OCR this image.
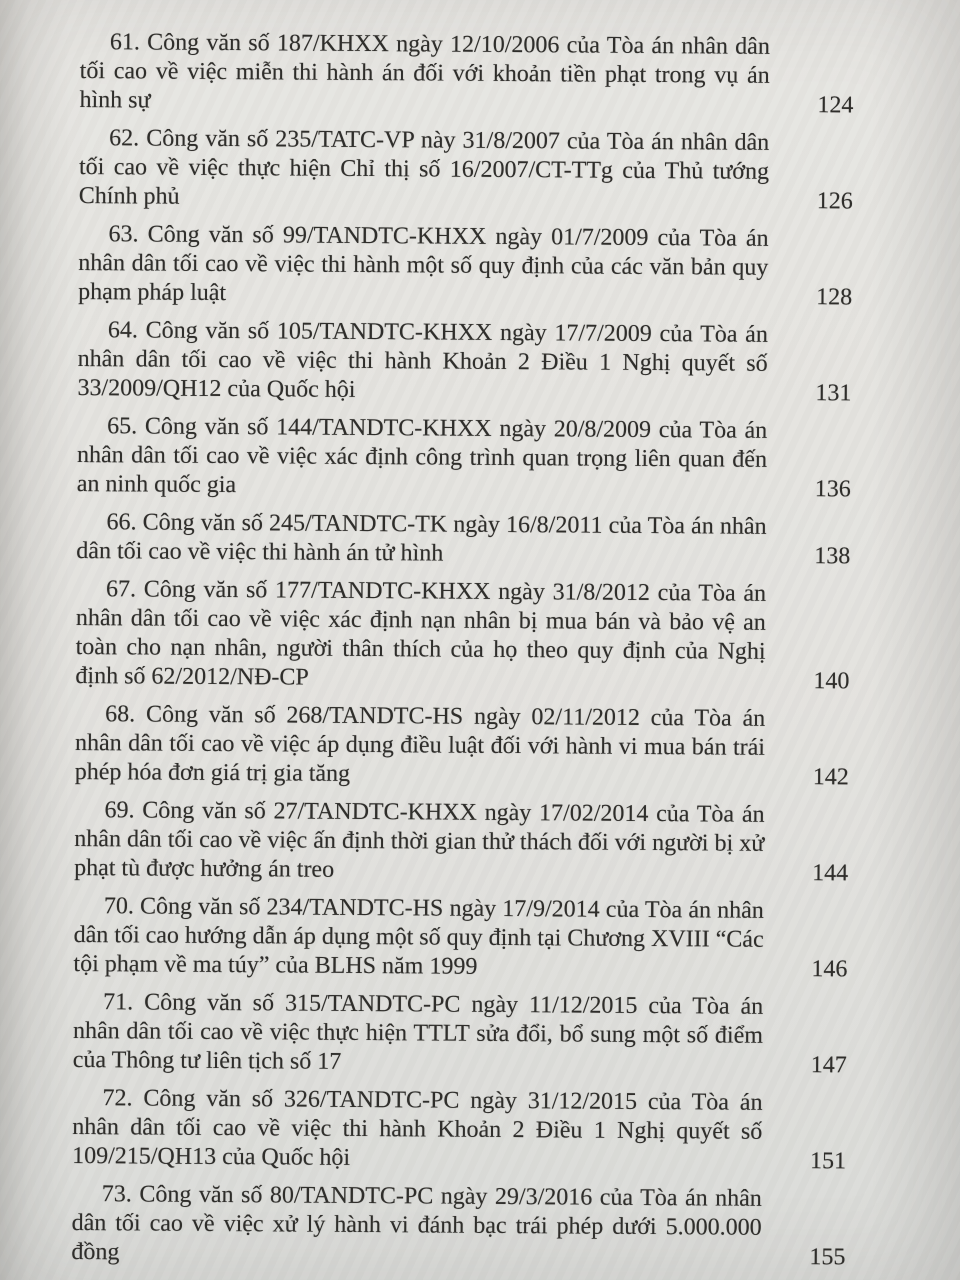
61. Công văn số 187/KHXX ngày 12/10/2006 của Tòa án nhân dân tối cao về việc miễn thi hành án đối với khoản tiền phạt trong vụ án hình sự	124
62. Công văn số 235/TATC-VP này 31/8/2007 của Tòa án nhân dân tối cao về việc thực hiện Chỉ thị số 16/2007/CT-TTg của Thủ tướng Chính phủ	126
63. Công văn số 99/TANDTC-KHXX ngày 01/7/2009 của Tòa án nhân dân tối cao về việc thi hành một số quy định của các văn bản quy phạm pháp luật	128
64. Công văn số 105/TANDTC-KHXX ngày 17/7/2009 của Tòa án nhân dân tối cao về việc thi hành Khoản 2 Điều 1 Nghị quyết số 33/2009/QH12 của Quốc hội	131
65. Công văn số 144/TANDTC-KHXX ngày 20/8/2009 của Tòa án nhân dân tối cao về việc xác định công trình quan trọng liên quan đến an ninh quốc gia	136
66. Công văn số 245/TANDTC-TK ngày 16/8/2011 của Tòa án nhân dân tối cao về việc thi hành án tử hình	138
67. Công văn số 177/TANDTC-KHXX ngày 31/8/2012 của Tòa án nhân dân tối cao về việc xác định nạn nhân bị mua bán và bảo vệ an toàn cho nạn nhân, người thân thích của họ theo quy định của Nghị định số 62/2012/NĐ-CP	140
68. Công văn số 268/TANDTC-HS ngày 02/11/2012 của Tòa án nhân dân tối cao về việc áp dụng điều luật đối với hành vi mua bán trái phép hóa đơn giá trị gia tăng	142
69. Công văn số 27/TANDTC-KHXX ngày 17/02/2014 của Tòa án nhân dân tối cao về việc ấn định thời gian thử thách đối với người bị xử phạt tù được hưởng án treo	144
70. Công văn số 234/TANDTC-HS ngày 17/9/2014 của Tòa án nhân dân tối cao hướng dẫn áp dụng một số quy định tại Chương XVIII “Các tội phạm về ma túy” của BLHS năm 1999	146
71. Công văn số 315/TANDTC-PC ngày 11/12/2015 của Tòa án nhân dân tối cao về việc thực hiện TTLT sửa đổi, bổ sung một số điểm của Thông tư liên tịch số 17	147
72. Công văn số 326/TANDTC-PC ngày 31/12/2015 của Tòa án nhân dân tối cao về việc thi hành Khoản 2 Điều 1 Nghị quyết số 109/215/QH13 của Quốc hội	151
73. Công văn số 80/TANDTC-PC ngày 29/3/2016 của Tòa án nhân dân tối cao về việc xử lý hành vi đánh bạc trái phép dưới 5.000.000 đồng	155
